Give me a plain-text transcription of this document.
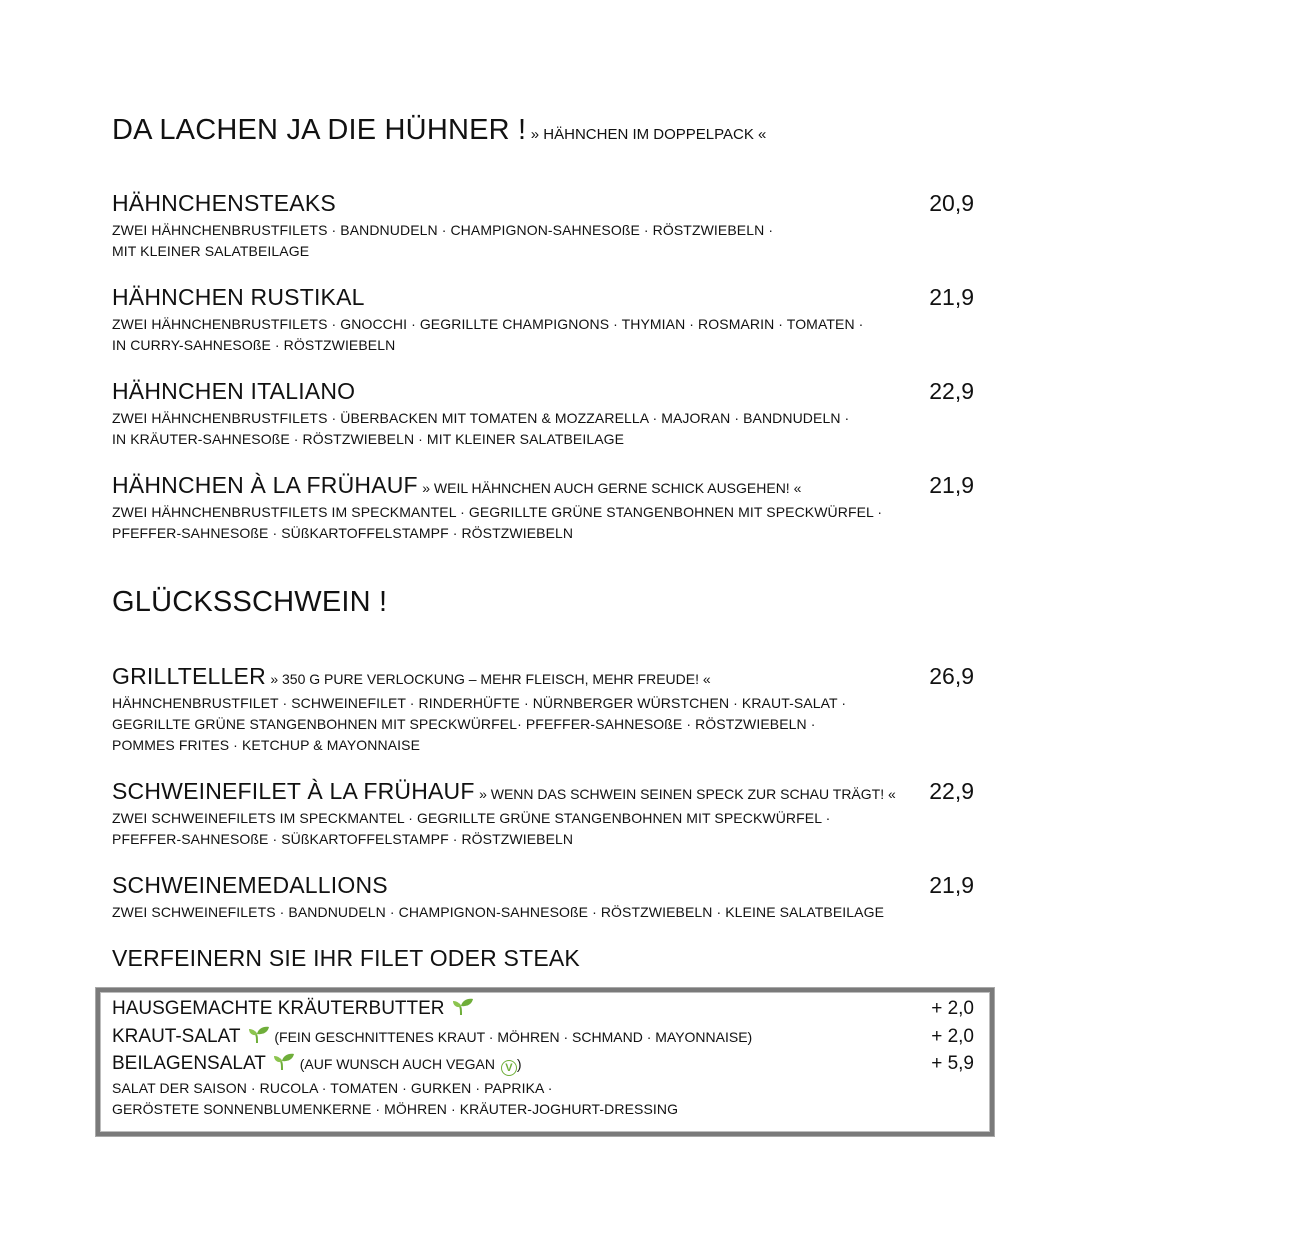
DA LACHEN JA DIE HÜHNER ! » HÄHNCHEN IM DOPPELPACK «
HÄHNCHENSTEAKS	20,9
ZWEI HÄHNCHENBRUSTFILETS · BANDNUDELN · CHAMPIGNON-SAHNESOßE · RÖSTZWIEBELN ·
MIT KLEINER SALATBEILAGE
HÄHNCHEN RUSTIKAL	21,9
ZWEI HÄHNCHENBRUSTFILETS · GNOCCHI · GEGRILLTE CHAMPIGNONS · THYMIAN · ROSMARIN · TOMATEN ·
IN CURRY-SAHNESOßE · RÖSTZWIEBELN
HÄHNCHEN ITALIANO	22,9
ZWEI HÄHNCHENBRUSTFILETS · ÜBERBACKEN MIT TOMATEN & MOZZARELLA · MAJORAN · BANDNUDELN ·
IN KRÄUTER-SAHNESOßE · RÖSTZWIEBELN · MIT KLEINER SALATBEILAGE
HÄHNCHEN À LA FRÜHAUF » WEIL HÄHNCHEN AUCH GERNE SCHICK AUSGEHEN! «	21,9
ZWEI HÄHNCHENBRUSTFILETS IM SPECKMANTEL · GEGRILLTE GRÜNE STANGENBOHNEN MIT SPECKWÜRFEL ·
PFEFFER-SAHNESOßE · SÜßKARTOFFELSTAMPF · RÖSTZWIEBELN
GLÜCKSSCHWEIN !
GRILLTELLER » 350 G PURE VERLOCKUNG – MEHR FLEISCH, MEHR FREUDE! «	26,9
HÄHNCHENBRUSTFILET · SCHWEINEFILET · RINDERHÜFTE · NÜRNBERGER WÜRSTCHEN · KRAUT-SALAT ·
GEGRILLTE GRÜNE STANGENBOHNEN MIT SPECKWÜRFEL· PFEFFER-SAHNESOßE · RÖSTZWIEBELN ·
POMMES FRITES · KETCHUP & MAYONNAISE
SCHWEINEFILET À LA FRÜHAUF » WENN DAS SCHWEIN SEINEN SPECK ZUR SCHAU TRÄGT! «	22,9
ZWEI SCHWEINEFILETS IM SPECKMANTEL · GEGRILLTE GRÜNE STANGENBOHNEN MIT SPECKWÜRFEL ·
PFEFFER-SAHNESOßE · SÜßKARTOFFELSTAMPF · RÖSTZWIEBELN
SCHWEINEMEDALLIONS	21,9
ZWEI SCHWEINEFILETS · BANDNUDELN · CHAMPIGNON-SAHNESOßE · RÖSTZWIEBELN · KLEINE SALATBEILAGE
VERFEINERN SIE IHR FILET ODER STEAK
HAUSGEMACHTE KRÄUTERBUTTER	+ 2,0
KRAUT-SALAT (FEIN GESCHNITTENES KRAUT · MÖHREN · SCHMAND · MAYONNAISE)	+ 2,0
BEILAGENSALAT (AUF WUNSCH AUCH VEGAN V )	+ 5,9
SALAT DER SAISON · RUCOLA · TOMATEN · GURKEN · PAPRIKA ·
GERÖSTETE SONNENBLUMENKERNE · MÖHREN · KRÄUTER-JOGHURT-DRESSING
